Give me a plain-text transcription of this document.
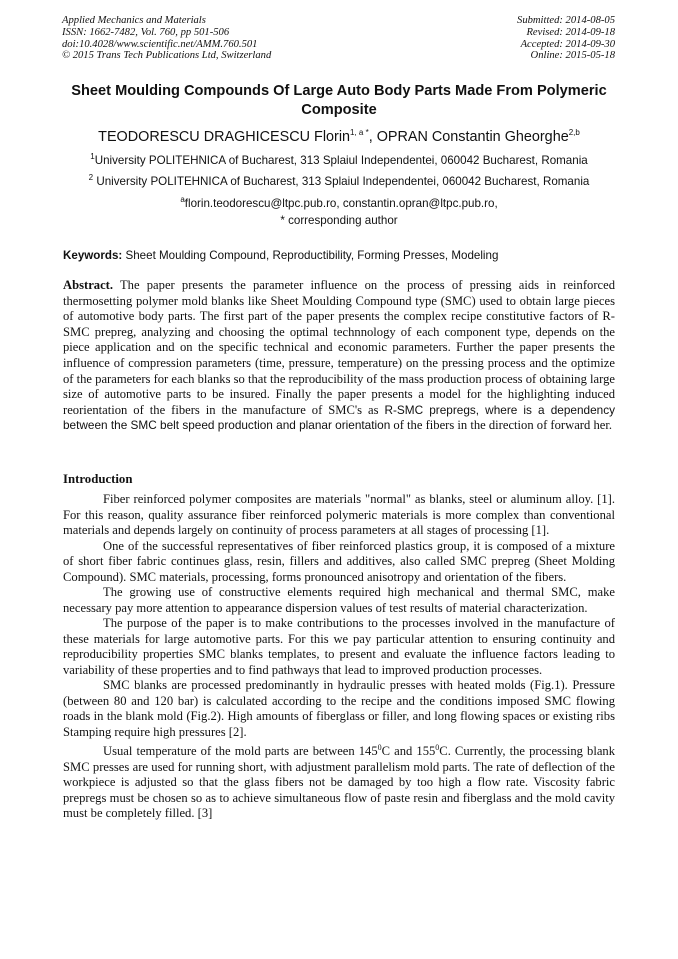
Applied Mechanics and Materials
ISSN: 1662-7482, Vol. 760, pp 501-506
doi:10.4028/www.scientific.net/AMM.760.501
© 2015 Trans Tech Publications Ltd, Switzerland
Submitted: 2014-08-05
Revised: 2014-09-18
Accepted: 2014-09-30
Online: 2015-05-18
Sheet Moulding Compounds Of Large Auto Body Parts Made From Polymeric Composite
TEODORESCU DRAGHICESCU Florin$^{1, a *}$, OPRAN Constantin Gheorghe$^{2,b}$
$^1$University POLITEHNICA of Bucharest, 313 Splaiul Independentei, 060042 Bucharest, Romania
$^2$ University POLITEHNICA of Bucharest, 313 Splaiul Independentei, 060042 Bucharest, Romania
$^a$florin.teodorescu@ltpc.pub.ro, constantin.opran@ltpc.pub.ro,
* corresponding author
Keywords: Sheet Moulding Compound, Reproductibility, Forming Presses, Modeling
Abstract. The paper presents the parameter influence on the process of pressing aids in reinforced thermosetting polymer mold blanks like Sheet Moulding Compound type (SMC) used to obtain large pieces of automotive body parts. The first part of the paper presents the complex recipe constitutive factors of R-SMC prepreg, analyzing and choosing the optimal technnology of each component type, depends on the piece application and on the specific technical and economic parameters. Further the paper presents the influence of compression parameters (time, pressure, temperature) on the pressing process and the optimize of the parameters for each blanks so that the reproducibility of the mass production process of obtaining large size of automotive parts to be insured. Finally the paper presents a model for the highlighting induced reorientation of the fibers in the manufacture of SMC's as R-SMC prepregs, where is a dependency between the SMC belt speed production and planar orientation of the fibers in the direction of forward her.
Introduction

Fiber reinforced polymer composites are materials "normal" as blanks, steel or aluminum alloy. [1]. For this reason, quality assurance fiber reinforced polymeric materials is more complex than conventional materials and depends largely on continuity of process parameters at all stages of processing [1].

One of the successful representatives of fiber reinforced plastics group, it is composed of a mixture of short fiber fabric continues glass, resin, fillers and additives, also called SMC prepreg (Sheet Molding Compound). SMC materials, processing, forms pronounced anisotropy and orientation of the fibers.

The growing use of constructive elements required high mechanical and thermal SMC, make necessary pay more attention to appearance dispersion values of test results of material characterization.

The purpose of the paper is to make contributions to the processes involved in the manufacture of these materials for large automotive parts. For this we pay particular attention to ensuring continuity and reproducibility properties SMC blanks templates, to present and evaluate the influence factors leading to variability of these properties and to find pathways that lead to improved production processes.

SMC blanks are processed predominantly in hydraulic presses with heated molds (Fig.1). Pressure (between 80 and 120 bar) is calculated according to the recipe and the conditions imposed SMC flowing roads in the blank mold (Fig.2). High amounts of fiberglass or filler, and long flowing spaces or existing ribs Stamping require high pressures [2].

Usual temperature of the mold parts are between $145^0C$ and $155^0C$. Currently, the processing blank SMC presses are used for running short, with adjustment parallelism mold parts. The rate of deflection of the workpiece is adjusted so that the glass fibers not be damaged by too high a flow rate. Viscosity fabric prepregs must be chosen so as to achieve simultaneous flow of paste resin and fiberglass and the mold cavity must be completely filled. [3]
